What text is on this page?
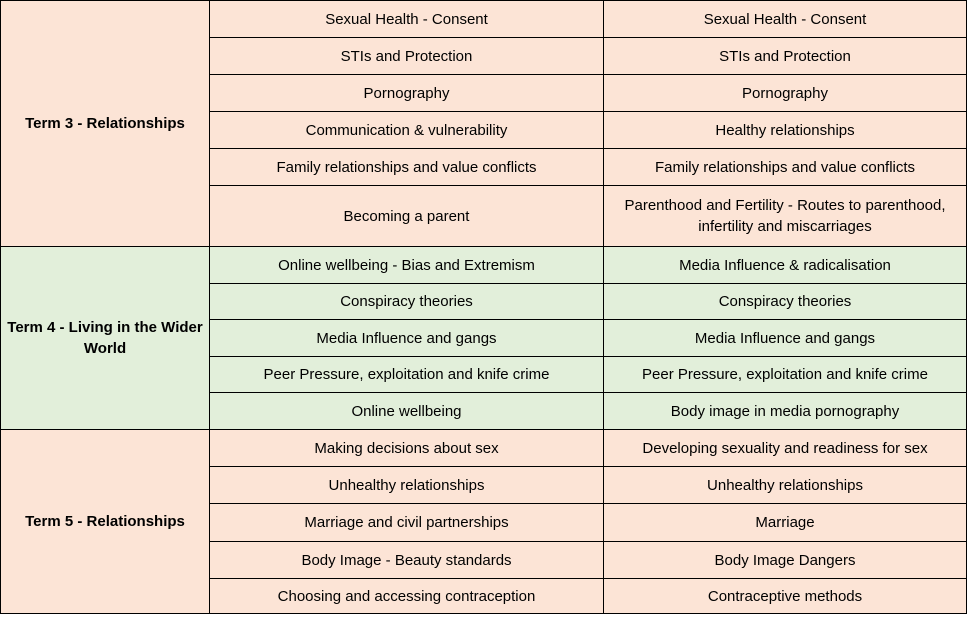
Term 3 - Relationships	Sexual Health - Consent	Sexual Health - Consent
	STIs and Protection	STIs and Protection
	Pornography	Pornography
	Communication & vulnerability	Healthy relationships
	Family relationships and value conflicts	Family relationships and value conflicts
	Becoming a parent	Parenthood and Fertility - Routes to parenthood, infertility and miscarriages
Term 4 - Living in the Wider World	Online wellbeing - Bias and Extremism	Media Influence & radicalisation
	Conspiracy theories	Conspiracy theories
	Media Influence and gangs	Media Influence and gangs
	Peer Pressure, exploitation and knife crime	Peer Pressure, exploitation and knife crime
	Online wellbeing	Body image in media pornography
Term 5 - Relationships	Making decisions about sex	Developing sexuality and readiness for sex
	Unhealthy relationships	Unhealthy relationships
	Marriage and civil partnerships	Marriage
	Body Image - Beauty standards	Body Image Dangers
	Choosing and accessing contraception	Contraceptive methods
